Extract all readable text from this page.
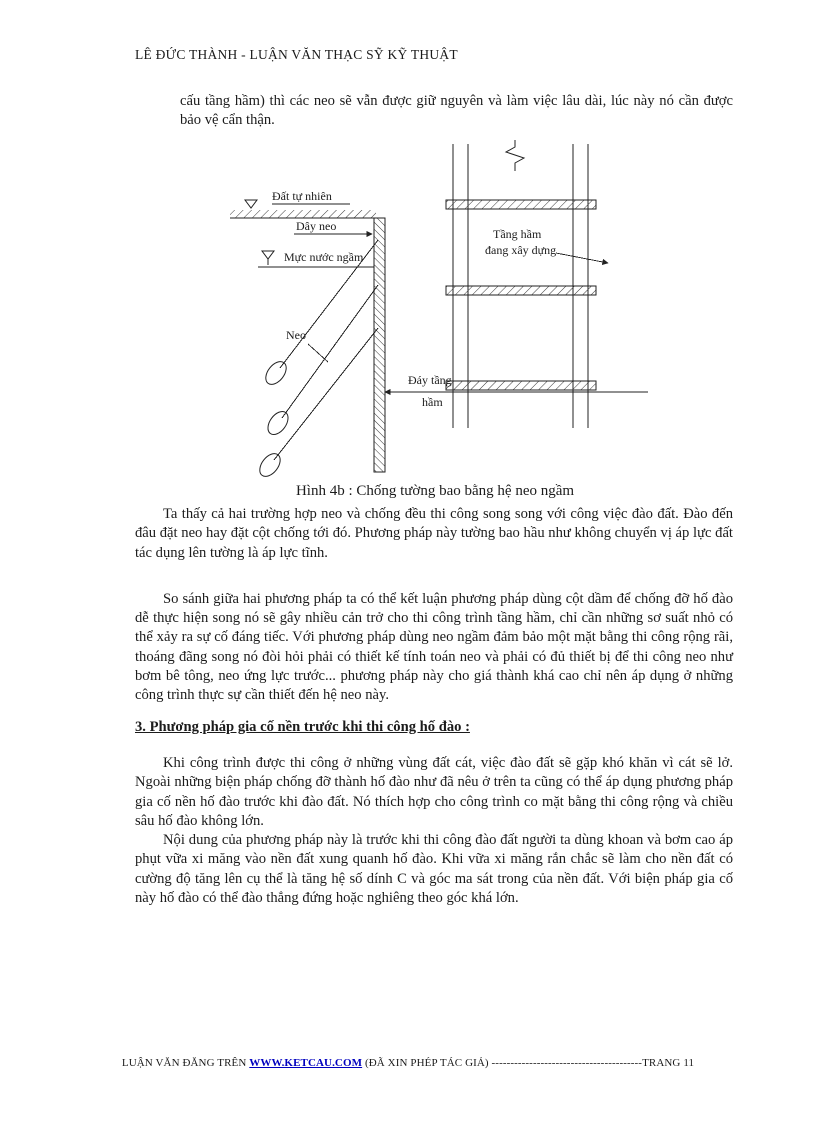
LÊ ĐỨC THÀNH - LUẬN VĂN THẠC SỸ KỸ THUẬT

cấu tầng hầm) thì các neo sẽ vẫn được giữ nguyên và làm việc lâu dài, lúc này nó cần được bảo vệ cẩn thận.

Đất tự nhiên
Dây neo
Mực nước ngầm
Neo
Tầng hầm
đang xây dựng
Đáy tầng
hầm
Hình 4b : Chống tường bao bằng hệ neo ngầm

Ta thấy cả hai trường hợp neo và chống đều thi công song song với công việc đào đất. Đào đến đâu đặt neo hay đặt cột chống tới đó. Phương pháp này tường bao hầu như không chuyển vị áp lực đất tác dụng lên tường là áp lực tĩnh.

So sánh giữa hai phương pháp ta có thể kết luận phương pháp dùng cột dầm để chống đỡ hố đào dễ thực hiện song nó sẽ gây nhiều cản trở cho thi công trình tầng hầm, chỉ cần những sơ suất nhỏ có thể xảy ra sự cố đáng tiếc. Với phương pháp dùng neo ngầm đảm bảo một mặt bằng thi công rộng rãi, thoáng đãng song nó đòi hỏi phải có thiết kế tính toán neo và phải có đủ thiết bị để thi công neo như bơm bê tông, neo ứng lực trước... phương pháp này cho giá thành khá cao chỉ nên áp dụng ở những công trình thực sự cần thiết đến hệ neo này.

3. Phương pháp gia cố nền trước khi thi công hố đào :

Khi công trình được thi công ở những vùng đất cát, việc đào đất sẽ gặp khó khăn vì cát sẽ lở. Ngoài những biện pháp chống đỡ thành hố đào như đã nêu ở trên ta cũng có thể áp dụng phương pháp gia cố nền hố đào trước khi đào đất. Nó thích hợp cho công trình co mặt bằng thi công rộng và chiều sâu hố đào không lớn.

Nội dung của phương pháp này là trước khi thi công đào đất người ta dùng khoan và bơm cao áp phụt vữa xi măng vào nền đất xung quanh hố đào. Khi vữa xi măng rắn chắc sẽ làm cho nền đất có cường độ tăng lên cụ thể là tăng hệ số dính C và góc ma sát trong của nền đất. Với biện pháp gia cố này hố đào có thể đào thẳng đứng hoặc nghiêng theo góc khá lớn.

LUẬN VĂN ĐĂNG TRÊN WWW.KETCAU.COM (ĐÃ XIN PHÉP TÁC GIẢ) ----------------------------------------TRANG 11
